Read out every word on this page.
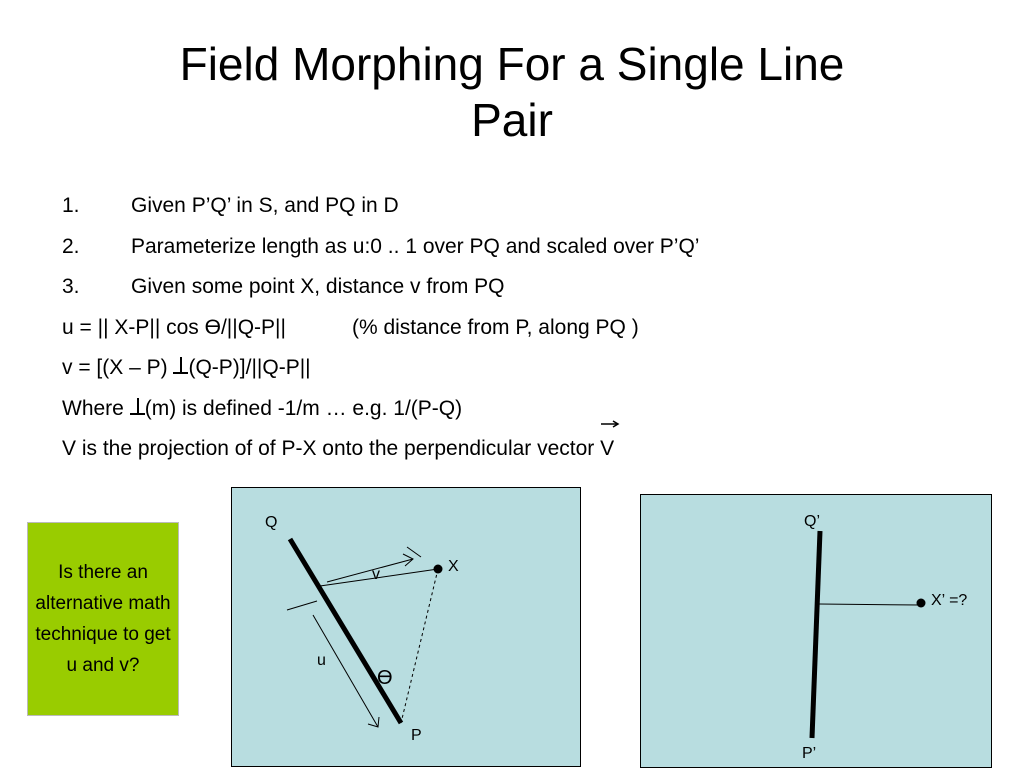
Field Morphing For a Single Line
Pair
1. Given P’Q’ in S, and PQ in D
2. Parameterize length as u:0 .. 1 over PQ and scaled over P’Q’
3. Given some point X, distance v from PQ
u = || X-P|| cos Ө/||Q-P||	(% distance from P, along PQ )
v = [(X – P) (Q-P)]/||Q-P||
Where (m) is defined -1/m … e.g. 1/(P-Q)
V is the projection of of P-X onto the perpendicular vector
V
Is there an alternative math technique to get u and v?
Q
X
v
u
Ө
P
Q’
X’ =?
P’
